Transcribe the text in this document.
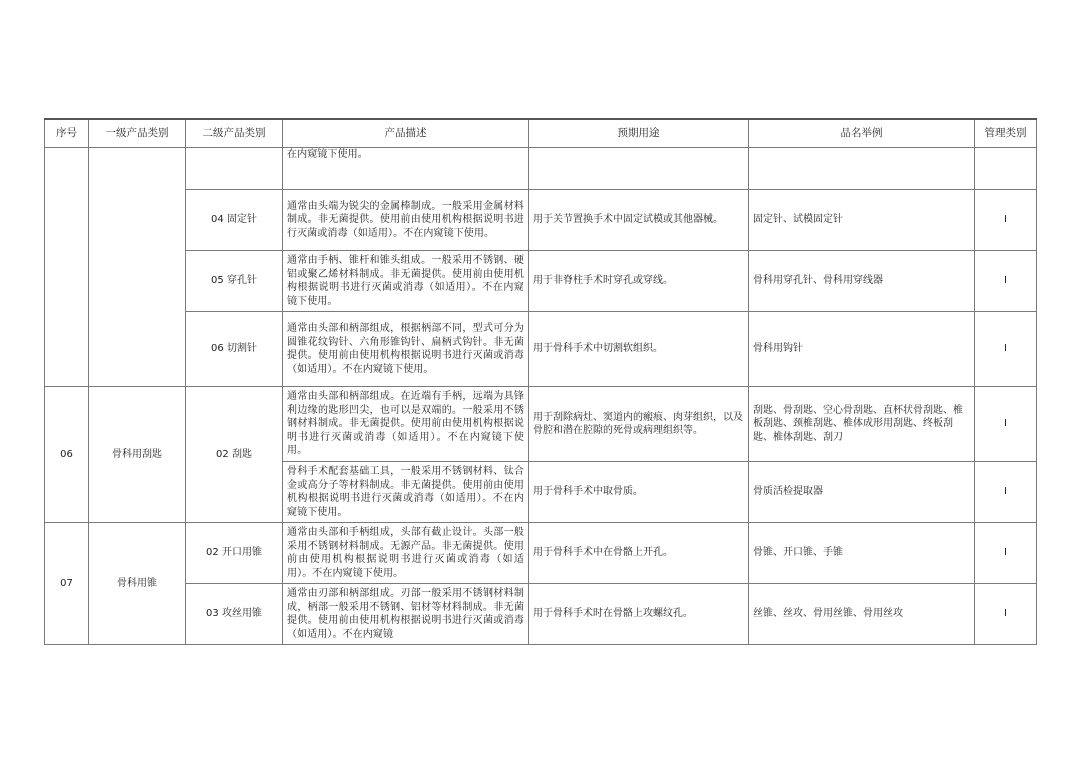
序号	一级产品类别	二级产品类别	产品描述	预期用途	品名举例	管理类别

			在内窥镜下使用。			

		04 固定针	通常由头端为锐尖的金属棒制成。一般采用金属材料制成。非无菌提供。使用前由使用机构根据说明书进行灭菌或消毒（如适用）。不在内窥镜下使用。	用于关节置换手术中固定试模或其他器械。	固定针、试模固定针	I
		05 穿孔针	通常由手柄、锥杆和锥头组成。一般采用不锈钢、硬铝或聚乙烯材料制成。非无菌提供。使用前由使用机构根据说明书进行灭菌或消毒（如适用）。不在内窥镜下使用。	用于非脊柱手术时穿孔或穿线。	骨科用穿孔针、骨科用穿线器	I
		06 切割针	通常由头部和柄部组成，根据柄部不同，型式可分为圆锥花纹钩针、六角形锥钩针、扁柄式钩针。非无菌提供。使用前由使用机构根据说明书进行灭菌或消毒（如适用）。不在内窥镜下使用。	用于骨科手术中切割软组织。	骨科用钩针	I
06	骨科用刮匙	02 刮匙	通常由头部和柄部组成。在近端有手柄，远端为具锋利边缘的匙形凹尖，也可以是双端的。一般采用不锈钢材料制成。非无菌提供。使用前由使用机构根据说明书进行灭菌或消毒（如适用）。不在内窥镜下使用。	用于刮除病灶、窦道内的瘢痕、肉芽组织，以及骨腔和潜在腔隙的死骨或病理组织等。	刮匙、骨刮匙、空心骨刮匙、直杯状骨刮匙、椎板刮匙、颈椎刮匙、椎体成形用刮匙、终板刮匙、椎体刮匙、刮刀	I
			骨科手术配套基础工具，一般采用不锈钢材料、钛合金或高分子等材料制成。非无菌提供。使用前由使用机构根据说明书进行灭菌或消毒（如适用）。不在内窥镜下使用。	用于骨科手术中取骨质。	骨质活检提取器	I
07	骨科用锥	02 开口用锥	通常由头部和手柄组成，头部有截止设计。头部一般采用不锈钢材料制成。无源产品。非无菌提供。使用前由使用机构根据说明书进行灭菌或消毒（如适用）。不在内窥镜下使用。	用于骨科手术中在骨骼上开孔。	骨锥、开口锥、手锥	I
		03 攻丝用锥	通常由刃部和柄部组成。刃部一般采用不锈钢材料制成，柄部一般采用不锈钢、铝材等材料制成。非无菌提供。使用前由使用机构根据说明书进行灭菌或消毒（如适用）。不在内窥镜	用于骨科手术时在骨骼上攻螺纹孔。	丝锥、丝攻、骨用丝锥、骨用丝攻	I
